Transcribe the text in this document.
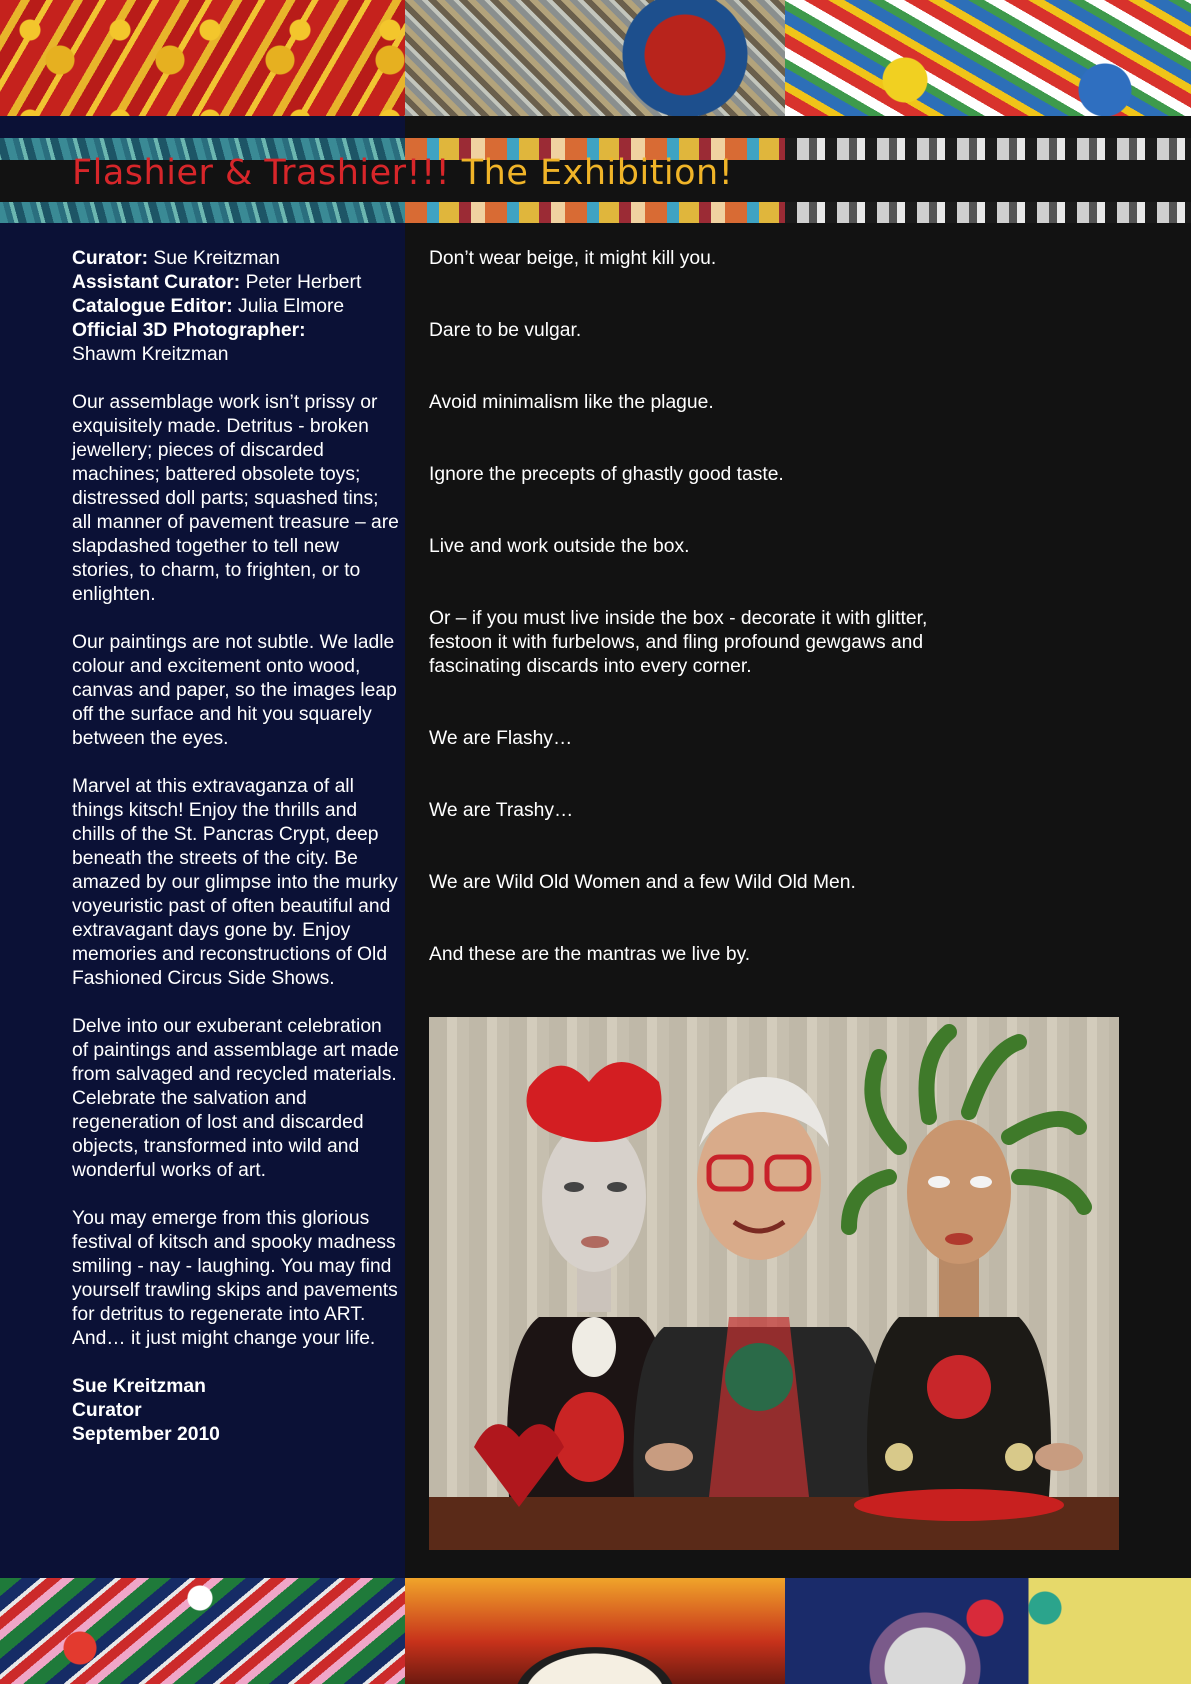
Flashier & Trashier!!! The Exhibition!
Curator: Sue Kreitzman
Assistant Curator: Peter Herbert
Catalogue Editor: Julia Elmore
Official 3D Photographer:
Shawm Kreitzman

Our assemblage work isn’t prissy or exquisitely made. Detritus - broken jewellery; pieces of discarded machines; battered obsolete toys; distressed doll parts; squashed tins; all manner of pavement treasure – are slapdashed together to tell new stories, to charm, to frighten, or to enlighten.

Our paintings are not subtle. We ladle colour and excitement onto wood, canvas and paper, so the images leap off the surface and hit you squarely between the eyes.

Marvel at this extravaganza of all things kitsch! Enjoy the thrills and chills of the St. Pancras Crypt, deep beneath the streets of the city. Be amazed by our glimpse into the murky voyeuristic past of often beautiful and extravagant days gone by. Enjoy memories and reconstructions of Old Fashioned Circus Side Shows.

Delve into our exuberant celebration of paintings and assemblage art made from salvaged and recycled materials. Celebrate the salvation and regeneration of lost and discarded objects, transformed into wild and wonderful works of art.

You may emerge from this glorious festival of kitsch and spooky madness smiling - nay - laughing. You may find yourself trawling skips and pavements for detritus to regenerate into ART. And… it just might change your life.

Sue Kreitzman
Curator
September 2010

Don’t wear beige, it might kill you.

Dare to be vulgar.

Avoid minimalism like the plague.

Ignore the precepts of ghastly good taste.

Live and work outside the box.

Or – if you must live inside the box - decorate it with glitter, festoon it with furbelows, and fling profound gewgaws and fascinating discards into every corner.

We are Flashy…

We are Trashy…

We are Wild Old Women and a few Wild Old Men.

And these are the mantras we live by.
